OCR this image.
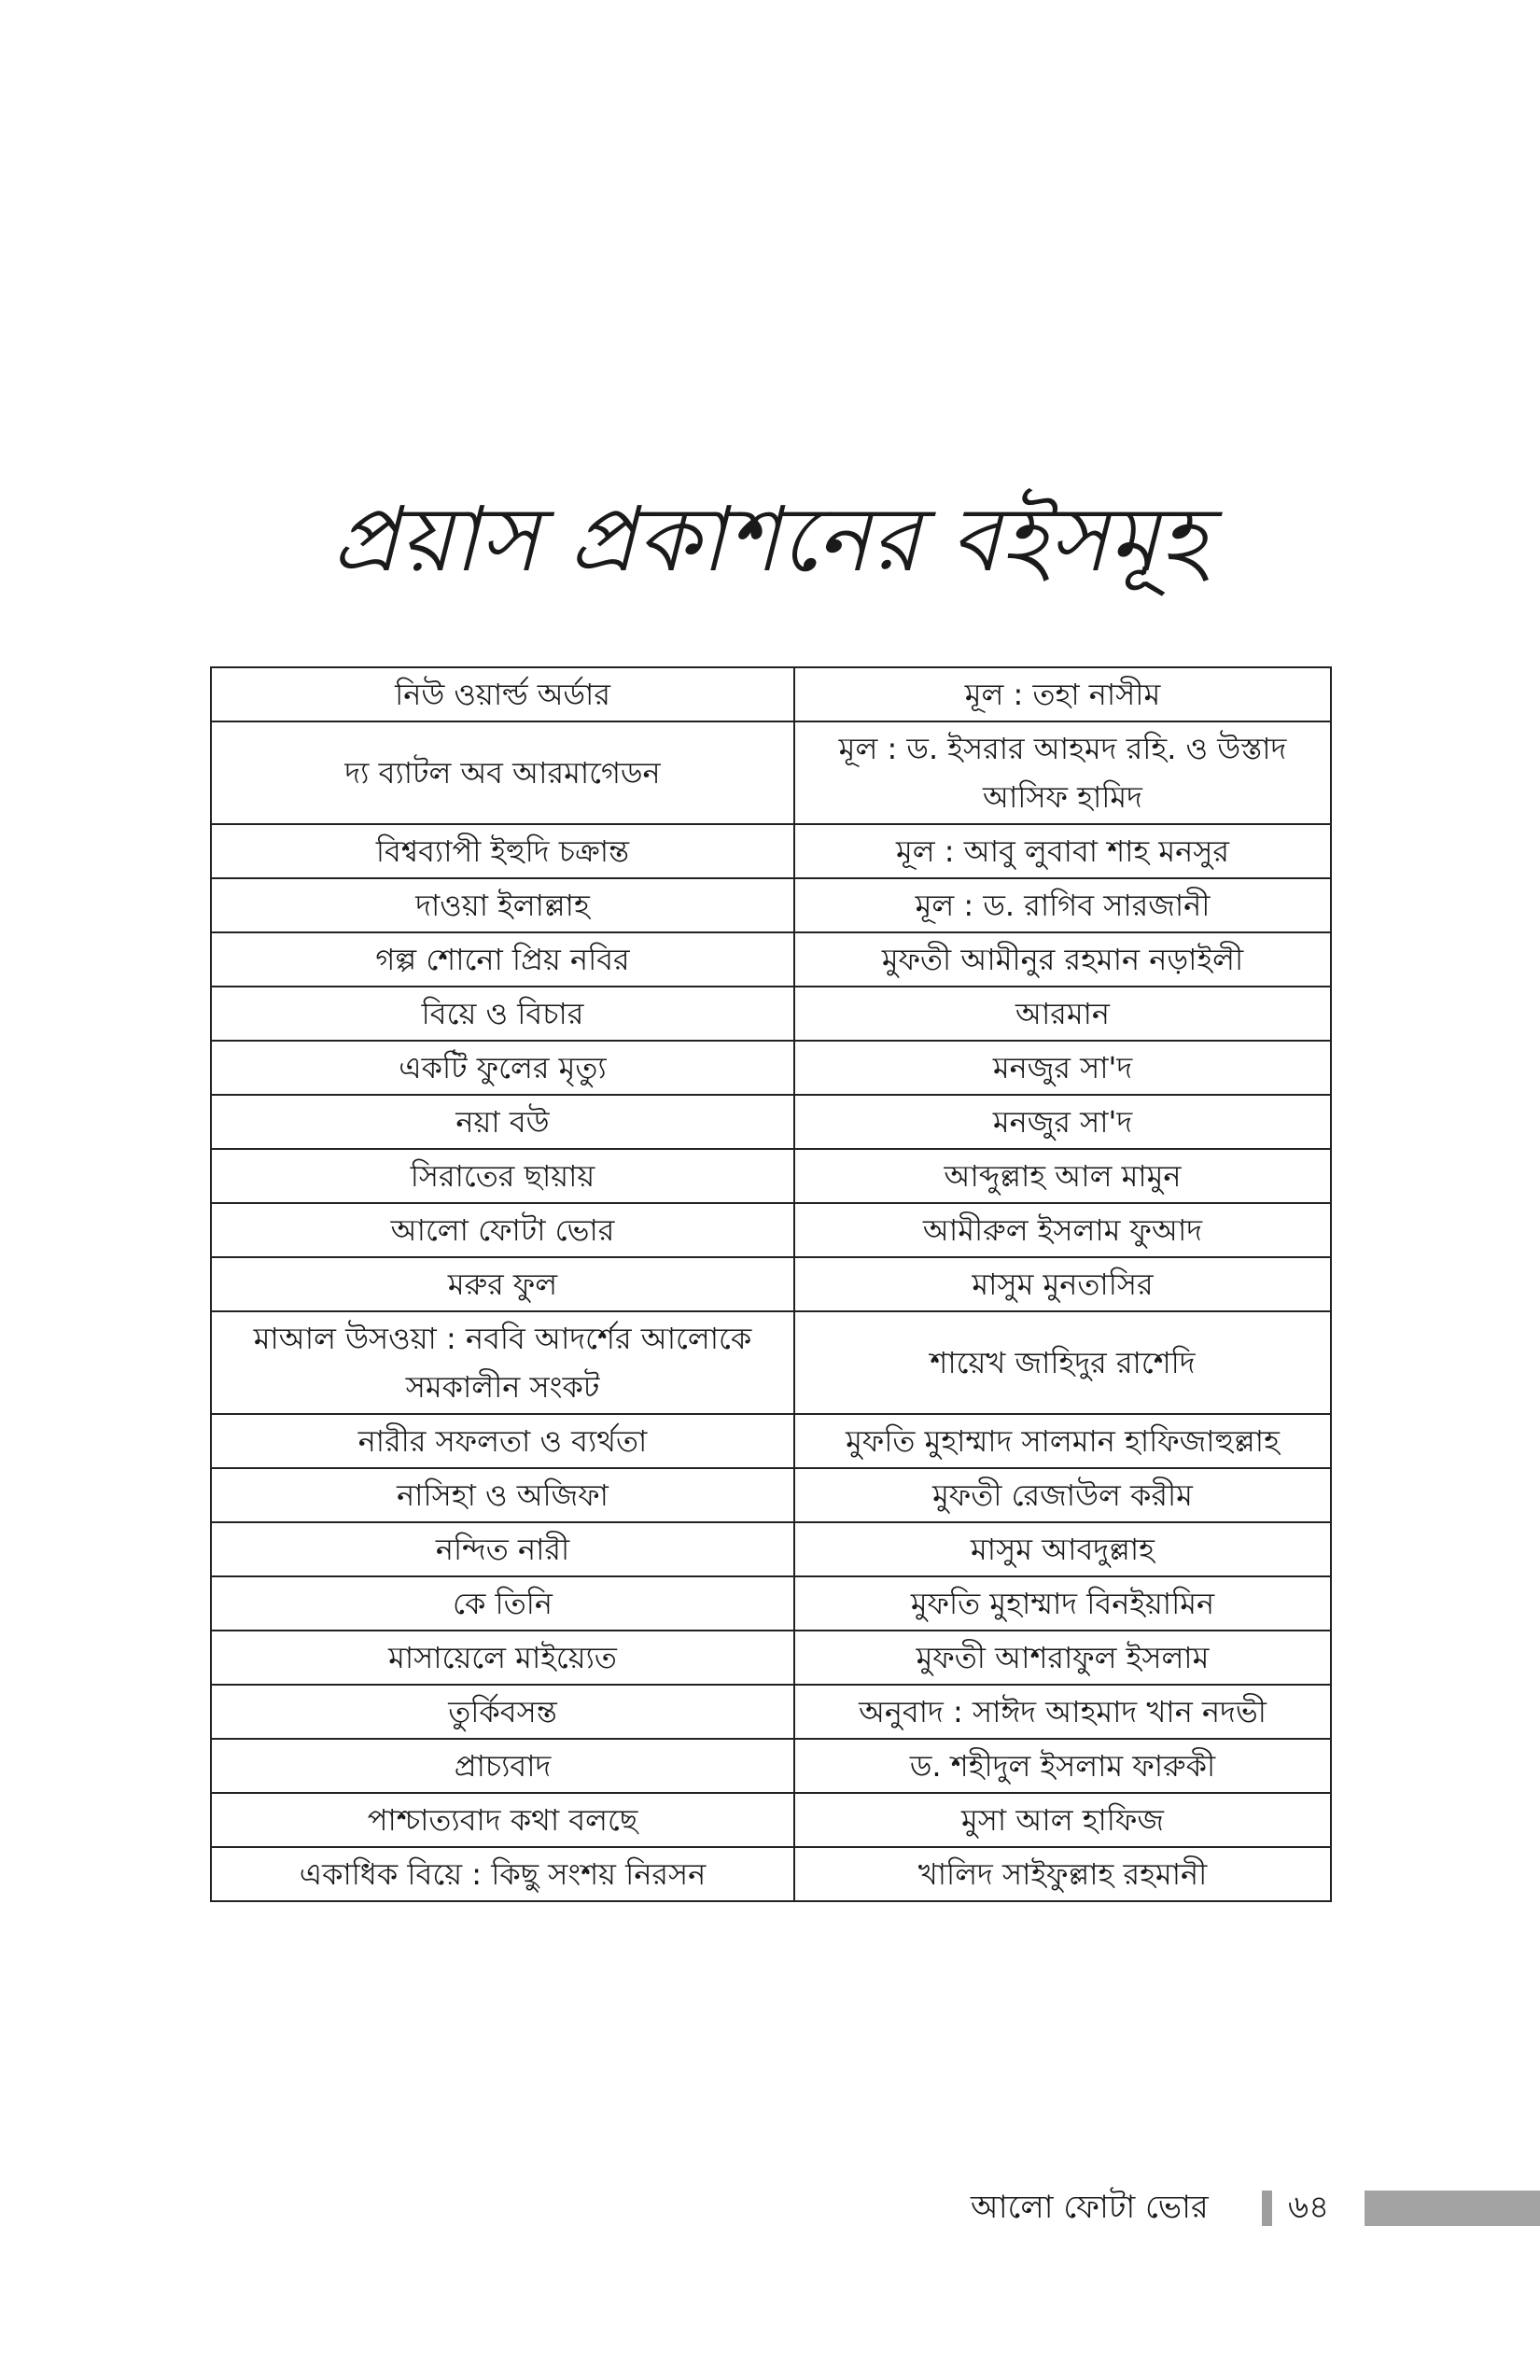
প্রয়াস প্রকাশনের বইসমূহ
নিউ ওয়ার্ল্ড অর্ডার	মূল : তহা নাসীম
দ্য ব্যাটল অব আরমাগেডন	মূল : ড. ইসরার আহমদ রহি. ও উস্তাদ আসিফ হামিদ
বিশ্বব্যাপী ইহুদি চক্রান্ত	মূল : আবু লুবাবা শাহ মনসুর
দাওয়া ইলাল্লাহ	মূল : ড. রাগিব সারজানী
গল্প শোনো প্রিয় নবির	মুফতী আমীনুর রহমান নড়াইলী
বিয়ে ও বিচার	আরমান
একটি ফুলের মৃত্যু	মনজুর সা'দ
নয়া বউ	মনজুর সা'দ
সিরাতের ছায়ায়	আব্দুল্লাহ আল মামুন
আলো ফোটা ভোর	আমীরুল ইসলাম ফুআদ
মরুর ফুল	মাসুম মুনতাসির
মাআল উসওয়া : নববি আদর্শের আলোকে সমকালীন সংকট	শায়েখ জাহিদুর রাশেদি
নারীর সফলতা ও ব্যর্থতা	মুফতি মুহাম্মাদ সালমান হাফিজাহুল্লাহ
নাসিহা ও অজিফা	মুফতী রেজাউল করীম
নন্দিত নারী	মাসুম আবদুল্লাহ
কে তিনি	মুফতি মুহাম্মাদ বিনইয়ামিন
মাসায়েলে মাইয়্যেত	মুফতী আশরাফুল ইসলাম
তুর্কিবসন্ত	অনুবাদ : সাঈদ আহমাদ খান নদভী
প্রাচ্যবাদ	ড. শহীদুল ইসলাম ফারুকী
পাশ্চাত্যবাদ কথা বলছে	মুসা আল হাফিজ
একাধিক বিয়ে : কিছু সংশয় নিরসন	খালিদ সাইফুল্লাহ রহমানী
আলো ফোটা ভোর	৬৪
